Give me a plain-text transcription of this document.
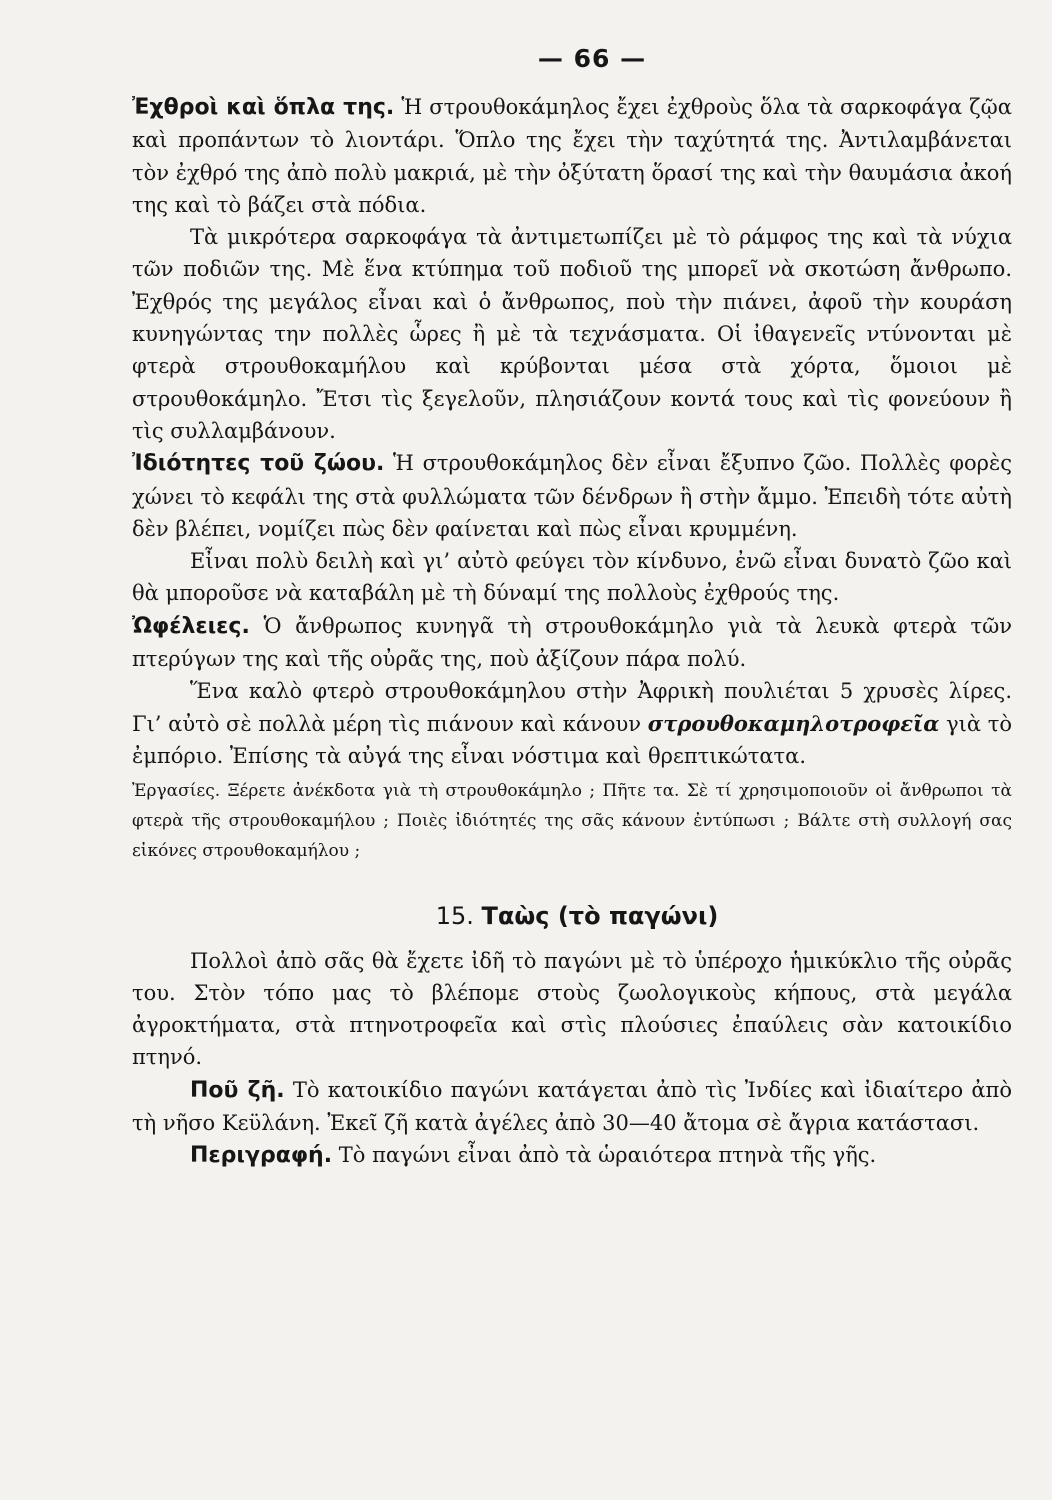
— 66 —

Ἐχθροὶ καὶ ὅπλα της. Ἡ στρουθοκάμηλος ἔχει ἐχθροὺς ὅλα τὰ σαρκοφάγα ζῷα καὶ προπάντων τὸ λιοντάρι. Ὅπλο της ἔχει τὴν ταχύτητά της. Ἀντιλαμβάνεται τὸν ἐχθρό της ἀπὸ πολὺ μακριά, μὲ τὴν ὀξύτατη ὅρασί της καὶ τὴν θαυμάσια ἀκοή της καὶ τὸ βάζει στὰ πόδια.

Τὰ μικρότερα σαρκοφάγα τὰ ἀντιμετωπίζει μὲ τὸ ράμφος της καὶ τὰ νύχια τῶν ποδιῶν της. Μὲ ἕνα κτύπημα τοῦ ποδιοῦ της μπορεῖ νὰ σκοτώση ἄνθρωπο. Ἐχθρός της μεγάλος εἶναι καὶ ὁ ἄνθρωπος, ποὺ τὴν πιάνει, ἀφοῦ τὴν κουράση κυνηγώντας την πολλὲς ὧρες ἢ μὲ τὰ τεχνάσματα. Οἱ ἰθαγενεῖς ντύνονται μὲ φτερὰ στρουθοκαμήλου καὶ κρύβονται μέσα στὰ χόρτα, ὅμοιοι μὲ στρουθοκάμηλο. Ἔτσι τὶς ξεγελοῦν, πλησιάζουν κοντά τους καὶ τὶς φονεύουν ἢ τὶς συλλαμβάνουν.

Ἰδιότητες τοῦ ζώου. Ἡ στρουθοκάμηλος δὲν εἶναι ἔξυπνο ζῶο. Πολλὲς φορὲς χώνει τὸ κεφάλι της στὰ φυλλώματα τῶν δένδρων ἢ στὴν ἄμμο. Ἐπειδὴ τότε αὐτὴ δὲν βλέπει, νομίζει πὼς δὲν φαίνεται καὶ πὼς εἶναι κρυμμένη.

Εἶναι πολὺ δειλὴ καὶ γι’ αὐτὸ φεύγει τὸν κίνδυνο, ἐνῶ εἶναι δυνατὸ ζῶο καὶ θὰ μποροῦσε νὰ καταβάλη μὲ τὴ δύναμί της πολλοὺς ἐχθρούς της.

Ὠφέλειες. Ὁ ἄνθρωπος κυνηγᾶ τὴ στρουθοκάμηλο γιὰ τὰ λευκὰ φτερὰ τῶν πτερύγων της καὶ τῆς οὐρᾶς της, ποὺ ἀξίζουν πάρα πολύ.

Ἕνα καλὸ φτερὸ στρουθοκάμηλου στὴν Ἀφρικὴ πουλιέται 5 χρυσὲς λίρες. Γι’ αὐτὸ σὲ πολλὰ μέρη τὶς πιάνουν καὶ κάνουν στρουθοκαμηλοτροφεῖα γιὰ τὸ ἐμπόριο. Ἐπίσης τὰ αὐγά της εἶναι νόστιμα καὶ θρεπτικώτατα.

Ἐργασίες. Ξέρετε ἀνέκδοτα γιὰ τὴ στρουθοκάμηλο ; Πῆτε τα. Σὲ τί χρησιμοποιοῦν οἱ ἄνθρωποι τὰ φτερὰ τῆς στρουθοκαμήλου ; Ποιὲς ἰδιότητές της σᾶς κάνουν ἐντύπωσι ; Βάλτε στὴ συλλογή σας εἰκόνες στρουθοκαμήλου ;

15. Ταὼς (τὸ παγώνι)

Πολλοὶ ἀπὸ σᾶς θὰ ἔχετε ἰδῆ τὸ παγώνι μὲ τὸ ὑπέροχο ἡμικύκλιο τῆς οὐρᾶς του. Στὸν τόπο μας τὸ βλέπομε στοὺς ζωολογικοὺς κήπους, στὰ μεγάλα ἀγροκτήματα, στὰ πτηνοτροφεῖα καὶ στὶς πλούσιες ἐπαύλεις σὰν κατοικίδιο πτηνό.

Ποῦ ζῆ. Τὸ κατοικίδιο παγώνι κατάγεται ἀπὸ τὶς Ἰνδίες καὶ ἰδιαίτερο ἀπὸ τὴ νῆσο Κεϋλάνη. Ἐκεῖ ζῆ κατὰ ἀγέλες ἀπὸ 30—40 ἄτομα σὲ ἄγρια κατάστασι.

Περιγραφή. Τὸ παγώνι εἶναι ἀπὸ τὰ ὡραιότερα πτηνὰ τῆς γῆς.
